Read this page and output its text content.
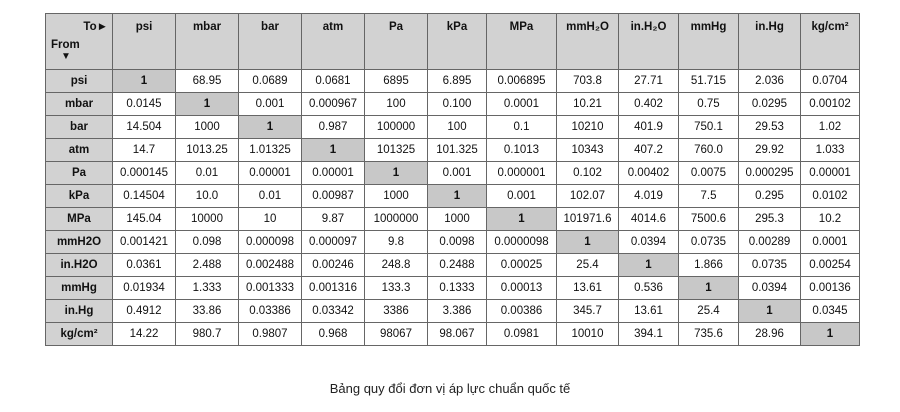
To►
From
▼	psi	mbar	bar	atm	Pa	kPa	MPa	mmH₂O	in.H₂O	mmHg	in.Hg	kg/cm²
psi	1	68.95	0.0689	0.0681	6895	6.895	0.006895	703.8	27.71	51.715	2.036	0.0704
mbar	0.0145	1	0.001	0.000967	100	0.100	0.0001	10.21	0.402	0.75	0.0295	0.00102
bar	14.504	1000	1	0.987	100000	100	0.1	10210	401.9	750.1	29.53	1.02
atm	14.7	1013.25	1.01325	1	101325	101.325	0.1013	10343	407.2	760.0	29.92	1.033
Pa	0.000145	0.01	0.00001	0.00001	1	0.001	0.000001	0.102	0.00402	0.0075	0.000295	0.00001
kPa	0.14504	10.0	0.01	0.00987	1000	1	0.001	102.07	4.019	7.5	0.295	0.0102
MPa	145.04	10000	10	9.87	1000000	1000	1	101971.6	4014.6	7500.6	295.3	10.2
mmH2O	0.001421	0.098	0.000098	0.000097	9.8	0.0098	0.0000098	1	0.0394	0.0735	0.00289	0.0001
in.H2O	0.0361	2.488	0.002488	0.00246	248.8	0.2488	0.00025	25.4	1	1.866	0.0735	0.00254
mmHg	0.01934	1.333	0.001333	0.001316	133.3	0.1333	0.00013	13.61	0.536	1	0.0394	0.00136
in.Hg	0.4912	33.86	0.03386	0.03342	3386	3.386	0.00386	345.7	13.61	25.4	1	0.0345
kg/cm²	14.22	980.7	0.9807	0.968	98067	98.067	0.0981	10010	394.1	735.6	28.96	1
Bảng quy đổi đơn vị áp lực chuẩn quốc tế
